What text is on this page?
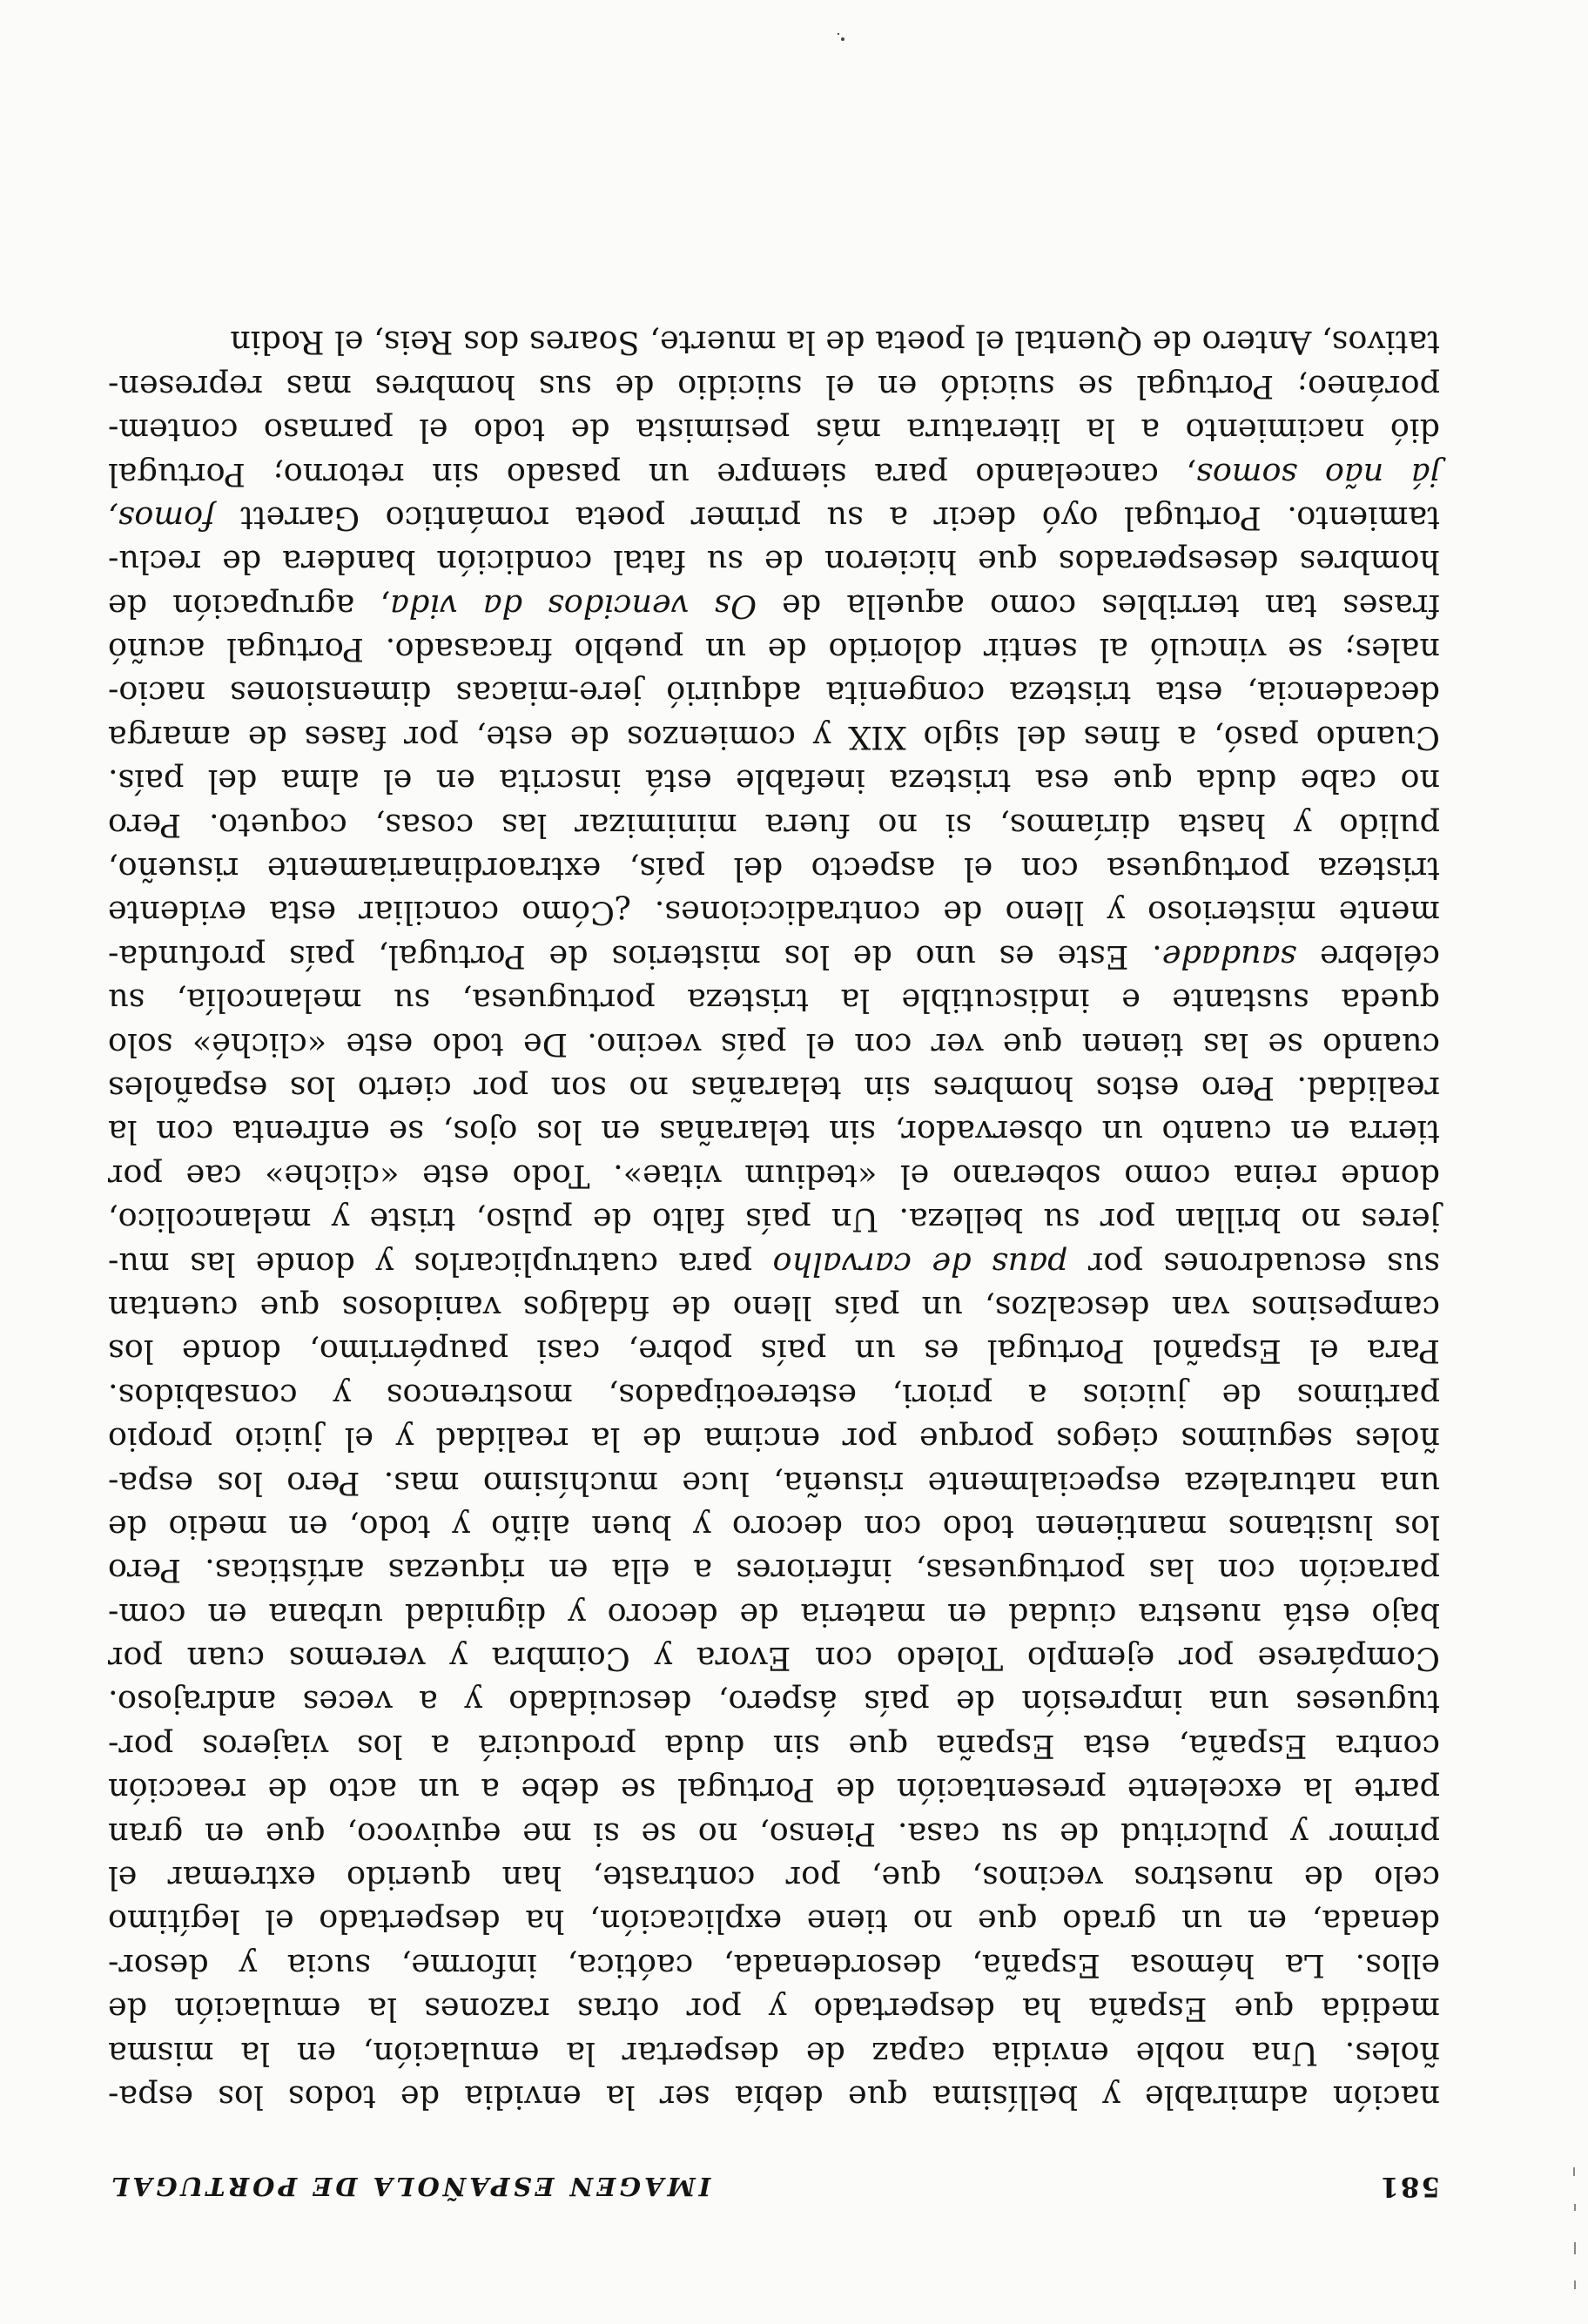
581
IMAGEN ESPAÑOLA DE PORTUGAL
nación admirable y bellísima que debía ser la envidia de todos los espa-
ñoles. Una noble envidia capaz de despertar la emulación, en la misma
medida que España ha despertado y por otras razones la emulación de
ellos. La hémosa España, desordenada, caótica, informe, sucia y desor-
denada, en un grado que no tiene explicación, ha despertado el legítimo
celo de nuestros vecinos, que, por contraste, han querido extremar el
primor y pulcritud de su casa. Pienso, no se si me equivoco, que en gran
parte la excelente presentación de Portugal se debe a un acto de reacción
contra España, esta España que sin duda producirá a los viajeros por-
tugueses una impresión de país áspero, descuidado y a veces andrajoso.
Compárese por ejemplo Toledo con Evora y Coimbra y veremos cuan por
bajo está nuestra ciudad en materia de decoro y dignidad urbana en com-
paración con las portuguesas, inferiores a ella en riquezas artísticas. Pero
los lusitanos mantienen todo con decoro y buen aliño y todo, en medio de
una naturaleza especialmente risueña, luce muchísimo mas. Pero los espa-
ñoles seguimos ciegos porque por encima de la realidad y el juicio propio
partimos de juicios a priori, estereotipados, mostrencos y consabidos.
Para el Español Portugal es un país pobre, casi paupérrimo, donde los
campesinos van descalzos, un país lleno de fidalgos vanidosos que cuentan
sus escuadrones por paus de carvalho para cuatruplicarlos y donde las mu-
jeres no brillan por su belleza. Un país falto de pulso, triste y melancolico,
donde reina como soberano el «tedium vitae». Todo este «cliche» cae por
tierra en cuanto un observador, sin telarañas en los ojos, se enfrenta con la
realidad. Pero estos hombres sin telarañas no son por cierto los españoles
cuando se las tienen que ver con el país vecino. De todo este «cliché» solo
queda sustante e indiscutible la tristeza portuguesa, su melancolía, su
célebre saudade. Este es uno de los misterios de Portugal, país profunda-
mente misterioso y lleno de contradicciones. ¿Cómo conciliar esta evidente
tristeza portuguesa con el aspecto del país, extraordinariamente risueño,
pulido y hasta diríamos, si no fuera minimizar las cosas, coqueto. Pero
no cabe duda que esa tristeza inefable está inscrita en el alma del país.
Cuando pasó, a fines del siglo XIX y comienzos de este, por fases de amarga
decadencia, esta tristeza congenita adquirió jere-miacas dimensiones nacio-
nales; se vinculó al sentir dolorido de un pueblo fracasado. Portugal acuñó
frases tan terribles como aquella de Os vencidos da vida, agrupación de
hombres desesperados que hicieron de su fatal condición bandera de reclu-
tamiento. Portugal oyó decir a su primer poeta romántico Garrett fomos,
já não somos, cancelando para siempre un pasado sin retorno; Portugal
dió nacimiento a la literatura más pesimista de todo el parnaso contem-
poráneo; Portugal se suicidó en el suicidio de sus hombres mas represen-
tativos, Antero de Quental el poeta de la muerte, Soares dos Reis, el Rodin
